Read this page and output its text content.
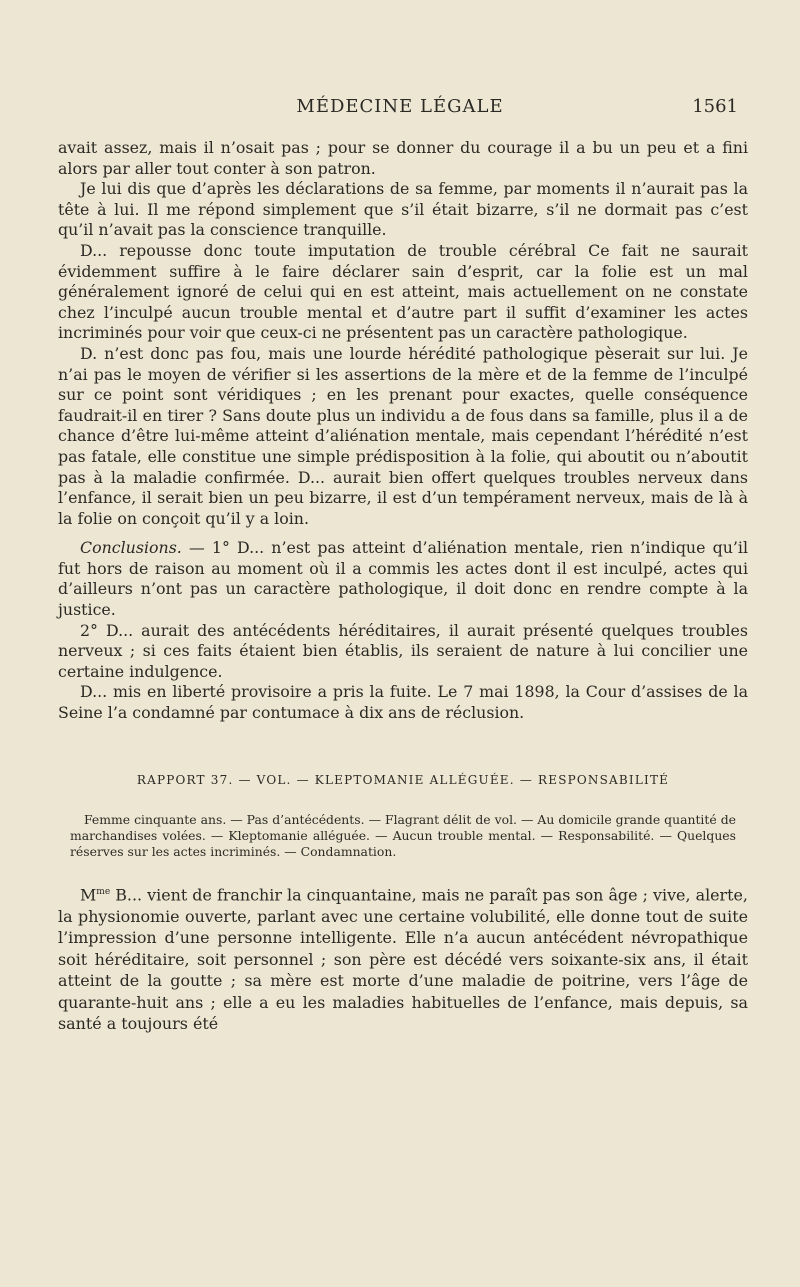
MÉDECINE LÉGALE	1561

avait assez, mais il n’osait pas ; pour se donner du courage il a bu un peu et a fini alors par aller tout conter à son patron.

Je lui dis que d’après les déclarations de sa femme, par moments il n’aurait pas la tête à lui. Il me répond simplement que s’il était bizarre, s’il ne dormait pas c’est qu’il n’avait pas la conscience tranquille.

D... repousse donc toute imputation de trouble cérébral Ce fait ne saurait évidemment suffire à le faire déclarer sain d’esprit, car la folie est un mal généralement ignoré de celui qui en est atteint, mais actuellement on ne constate chez l’inculpé aucun trouble mental et d’autre part il suffit d’examiner les actes incriminés pour voir que ceux-ci ne présentent pas un caractère pathologique.

D. n’est donc pas fou, mais une lourde hérédité pathologique pèserait sur lui. Je n’ai pas le moyen de vérifier si les assertions de la mère et de la femme de l’inculpé sur ce point sont véridiques ; en les prenant pour exactes, quelle conséquence faudrait-il en tirer ? Sans doute plus un individu a de fous dans sa famille, plus il a de chance d’être lui-même atteint d’aliénation mentale, mais cependant l’hérédité n’est pas fatale, elle constitue une simple prédisposition à la folie, qui aboutit ou n’aboutit pas à la maladie confirmée. D... aurait bien offert quelques troubles nerveux dans l’enfance, il serait bien un peu bizarre, il est d’un tempérament nerveux, mais de là à la folie on conçoit qu’il y a loin.

Conclusions. — 1° D... n’est pas atteint d’aliénation mentale, rien n’indique qu’il fut hors de raison au moment où il a commis les actes dont il est inculpé, actes qui d’ailleurs n’ont pas un caractère pathologique, il doit donc en rendre compte à la justice.

2° D... aurait des antécédents héréditaires, il aurait présenté quelques troubles nerveux ; si ces faits étaient bien établis, ils seraient de nature à lui concilier une certaine indulgence.

D... mis en liberté provisoire a pris la fuite. Le 7 mai 1898, la Cour d’assises de la Seine l’a condamné par contumace à dix ans de réclusion.

RAPPORT 37. — VOL. — KLEPTOMANIE ALLÉGUÉE. — RESPONSABILITÉ
Femme cinquante ans. — Pas d’antécédents. — Flagrant délit de vol. — Au domicile grande quantité de marchandises volées. — Kleptomanie alléguée. — Aucun trouble mental. — Responsabilité. — Quelques réserves sur les actes incriminés. — Condamnation.

$M^{me}$ B... vient de franchir la cinquantaine, mais ne paraît pas son âge ; vive, alerte, la physionomie ouverte, parlant avec une certaine volubilité, elle donne tout de suite l’impression d’une personne intelligente. Elle n’a aucun antécédent névropathique soit héréditaire, soit personnel ; son père est décédé vers soixante-six ans, il était atteint de la goutte ; sa mère est morte d’une maladie de poitrine, vers l’âge de quarante-huit ans ; elle a eu les maladies habituelles de l’enfance, mais depuis, sa santé a toujours été
